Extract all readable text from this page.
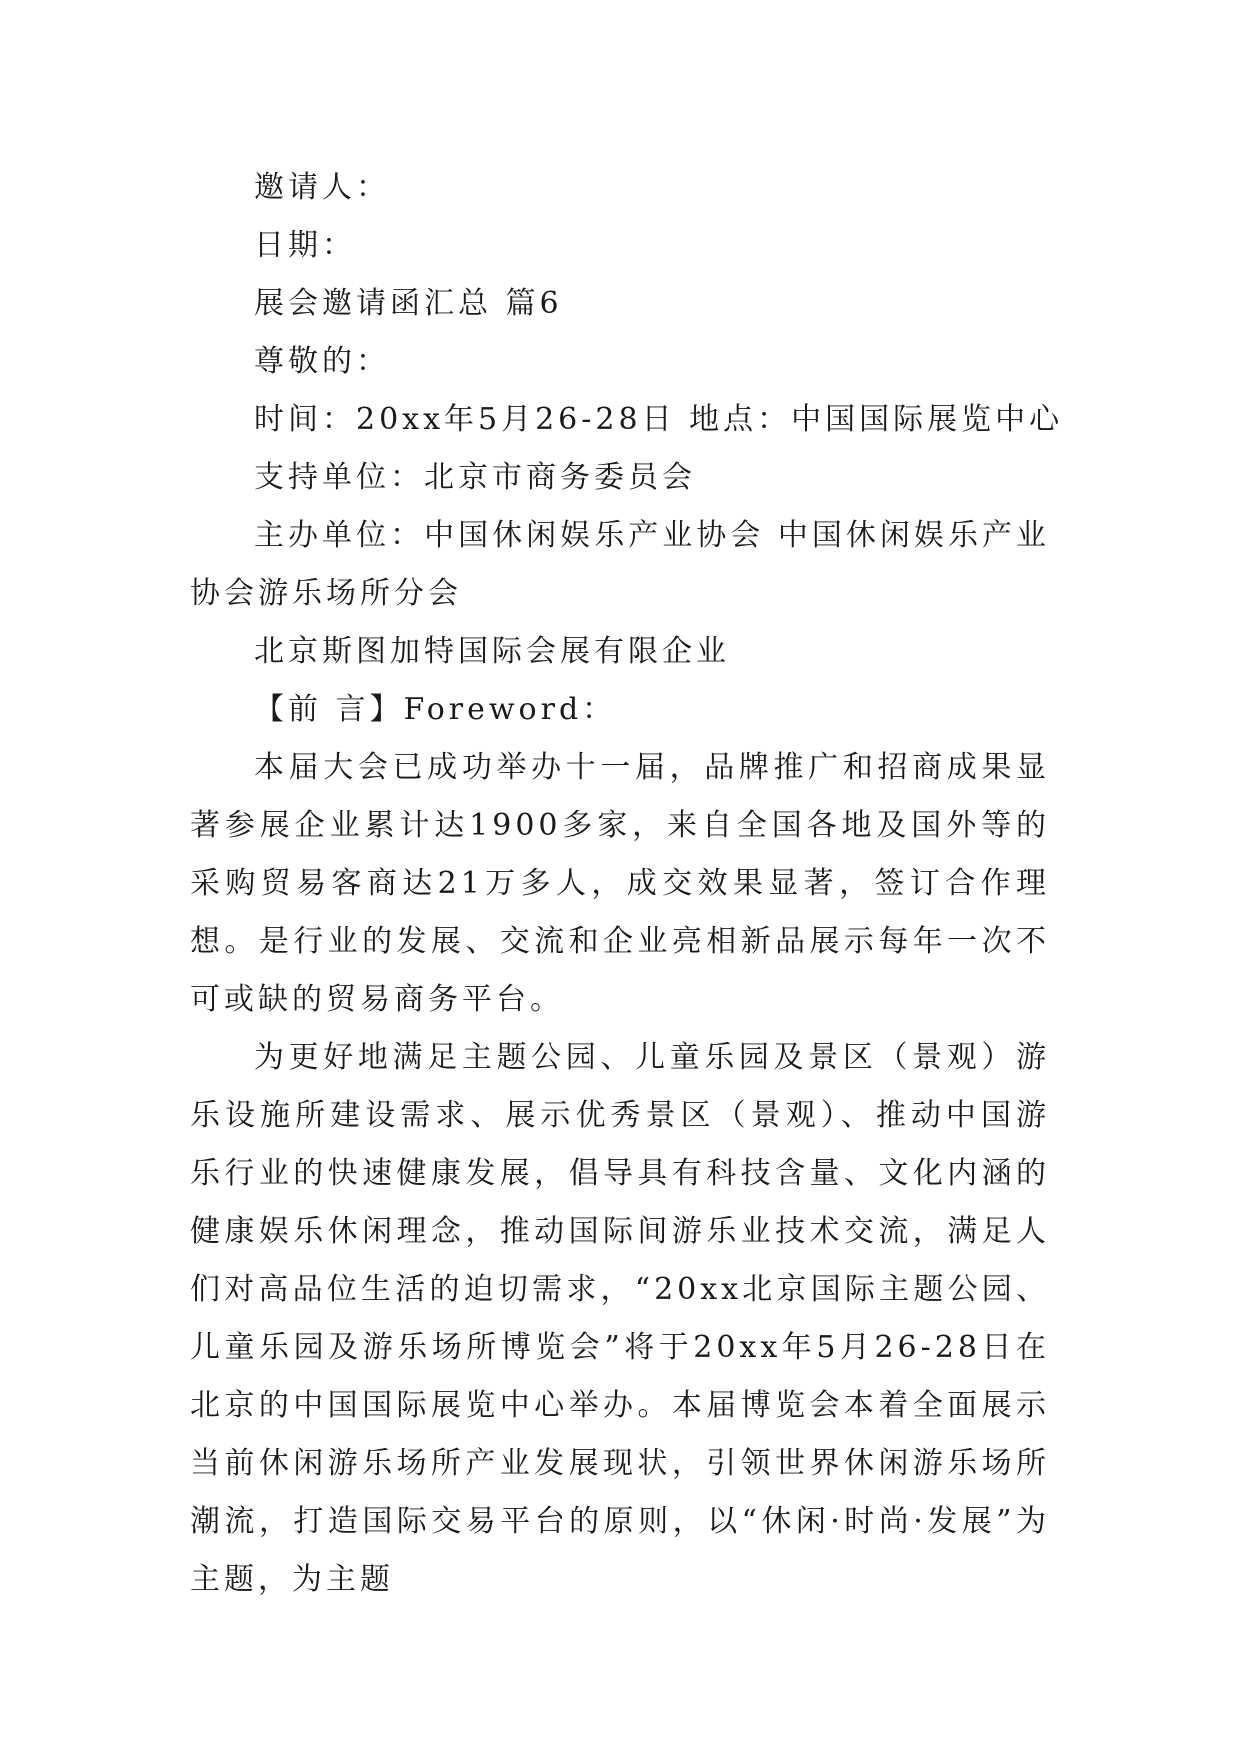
邀请人：
日期：
展会邀请函汇总 篇6
尊敬的：
时间：20xx年5月26-28日 地点：中国国际展览中心
支持单位：北京市商务委员会
主办单位：中国休闲娱乐产业协会 中国休闲娱乐产业协会游乐场所分会
北京斯图加特国际会展有限企业
【前 言】Foreword：
本届大会已成功举办十一届，品牌推广和招商成果显著参展企业累计达1900多家，来自全国各地及国外等的采购贸易客商达21万多人，成交效果显著，签订合作理想。是行业的发展、交流和企业亮相新品展示每年一次不可或缺的贸易商务平台。
为更好地满足主题公园、儿童乐园及景区（景观）游乐设施所建设需求、展示优秀景区（景观）、推动中国游乐行业的快速健康发展，倡导具有科技含量、文化内涵的健康娱乐休闲理念，推动国际间游乐业技术交流，满足人们对高品位生活的迫切需求，“20xx北京国际主题公园、儿童乐园及游乐场所博览会”将于20xx年5月26-28日在北京的中国国际展览中心举办。本届博览会本着全面展示当前休闲游乐场所产业发展现状，引领世界休闲游乐场所潮流，打造国际交易平台的原则，以“休闲·时尚·发展”为主题，为主题
